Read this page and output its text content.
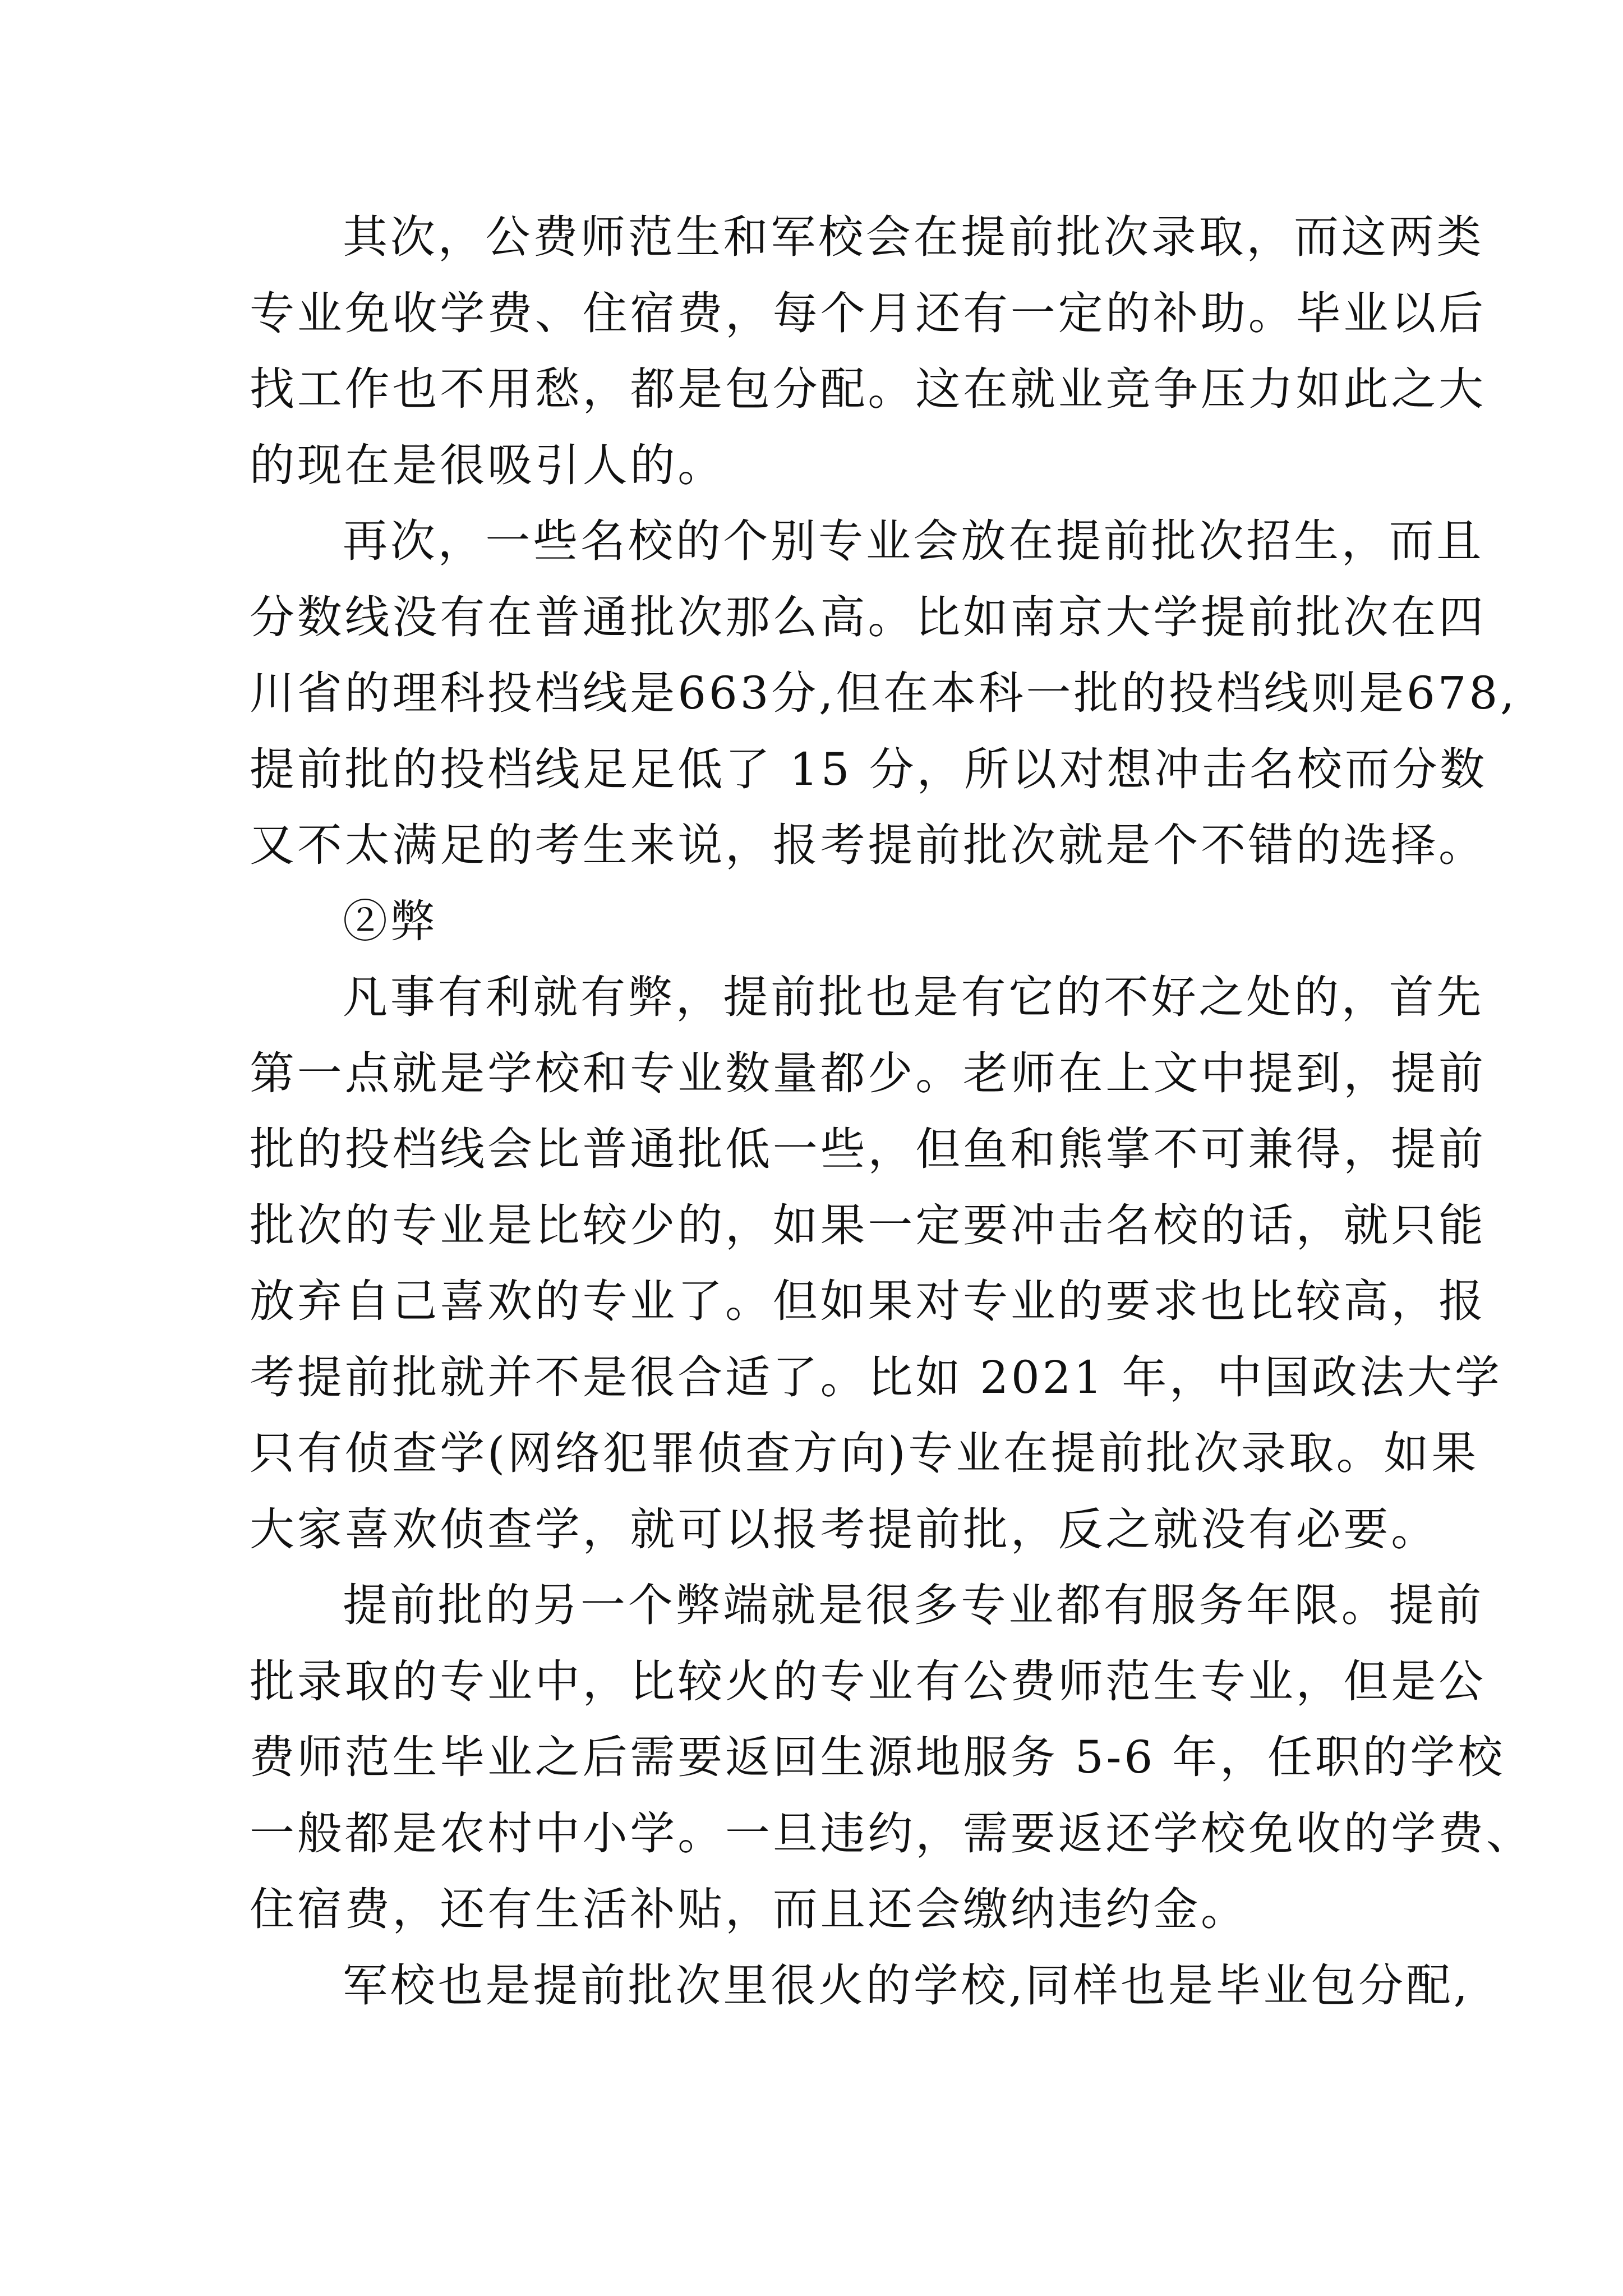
其次，公费师范生和军校会在提前批次录取，而这两类
专业免收学费、住宿费，每个月还有一定的补助。毕业以后
找工作也不用愁，都是包分配。这在就业竞争压力如此之大
的现在是很吸引人的。
再次，一些名校的个别专业会放在提前批次招生，而且
分数线没有在普通批次那么高。比如南京大学提前批次在四
川省的理科投档线是663分,但在本科一批的投档线则是678,
提前批的投档线足足低了 15 分，所以对想冲击名校而分数
又不太满足的考生来说，报考提前批次就是个不错的选择。
②弊
凡事有利就有弊，提前批也是有它的不好之处的，首先
第一点就是学校和专业数量都少。老师在上文中提到，提前
批的投档线会比普通批低一些，但鱼和熊掌不可兼得，提前
批次的专业是比较少的，如果一定要冲击名校的话，就只能
放弃自己喜欢的专业了。但如果对专业的要求也比较高，报
考提前批就并不是很合适了。比如 2021 年，中国政法大学
只有侦查学(网络犯罪侦查方向)专业在提前批次录取。如果
大家喜欢侦查学，就可以报考提前批，反之就没有必要。
提前批的另一个弊端就是很多专业都有服务年限。提前
批录取的专业中，比较火的专业有公费师范生专业，但是公
费师范生毕业之后需要返回生源地服务 5-6 年，任职的学校
一般都是农村中小学。一旦违约，需要返还学校免收的学费、
住宿费，还有生活补贴，而且还会缴纳违约金。
军校也是提前批次里很火的学校,同样也是毕业包分配,
